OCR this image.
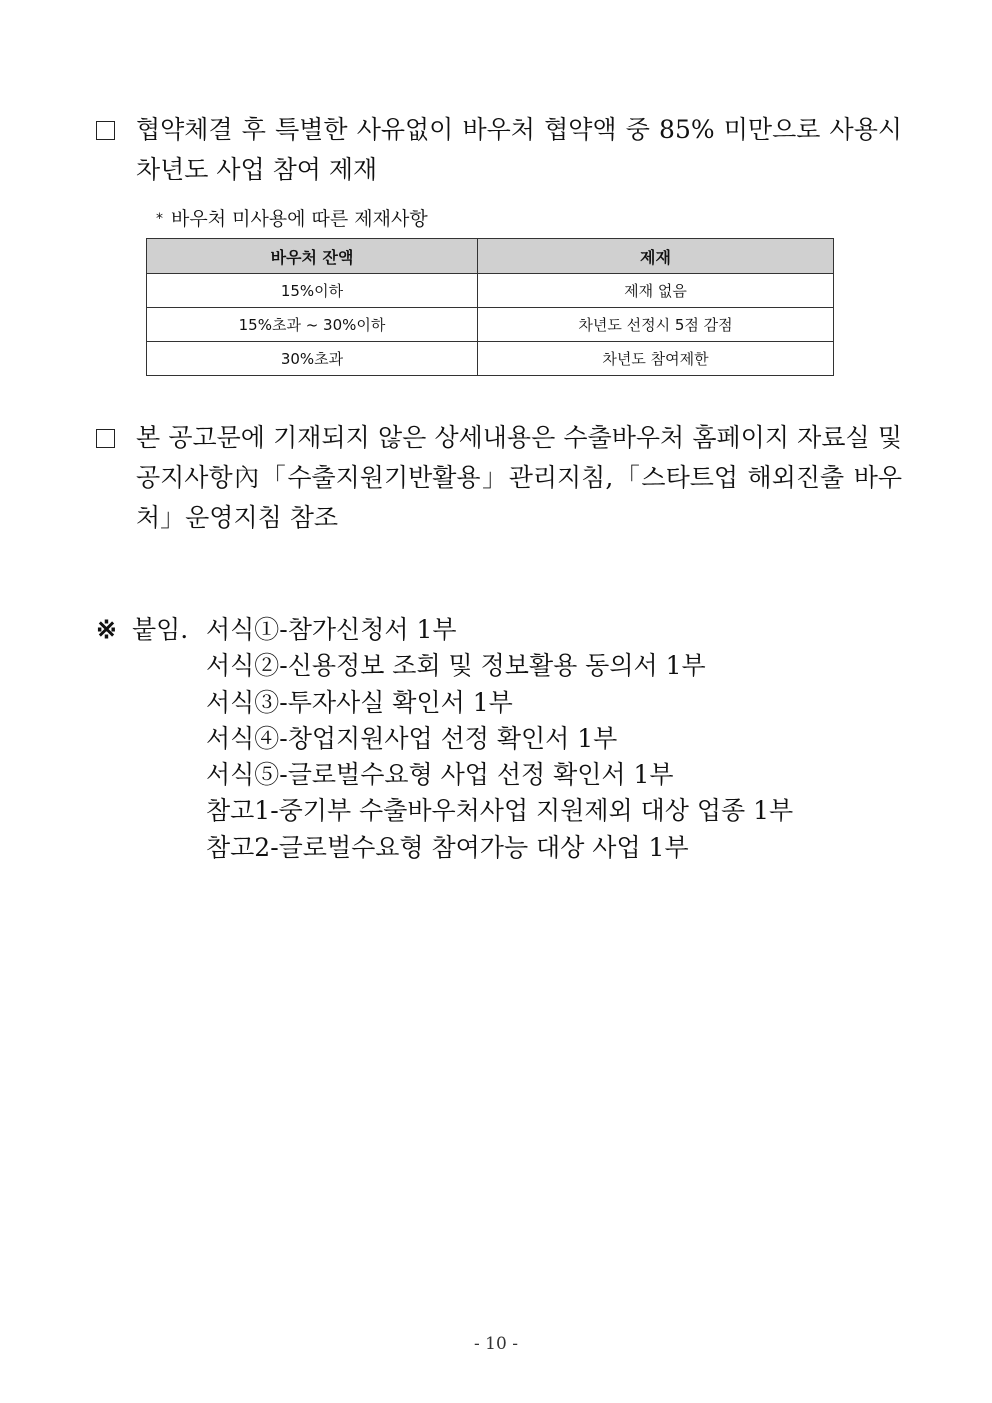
협약체결 후 특별한 사유없이 바우처 협약액 중 85% 미만으로 사용시 차년도 사업 참여 제재
* 바우처 미사용에 따른 제재사항
바우처 잔액	제재
15%이하	제재 없음
15%초과 ~ 30%이하	차년도 선정시 5점 감점
30%초과	차년도 참여제한
본 공고문에 기재되지 않은 상세내용은 수출바우처 홈페이지 자료실 및 공지사항內「수출지원기반활용」관리지침,「스타트업 해외진출 바우처」운영지침 참조
※ 붙임. 서식①-참가신청서 1부
서식②-신용정보 조회 및 정보활용 동의서 1부
서식③-투자사실 확인서 1부
서식④-창업지원사업 선정 확인서 1부
서식⑤-글로벌수요형 사업 선정 확인서 1부
참고1-중기부 수출바우처사업 지원제외 대상 업종 1부
참고2-글로벌수요형 참여가능 대상 사업 1부
- 10 -
